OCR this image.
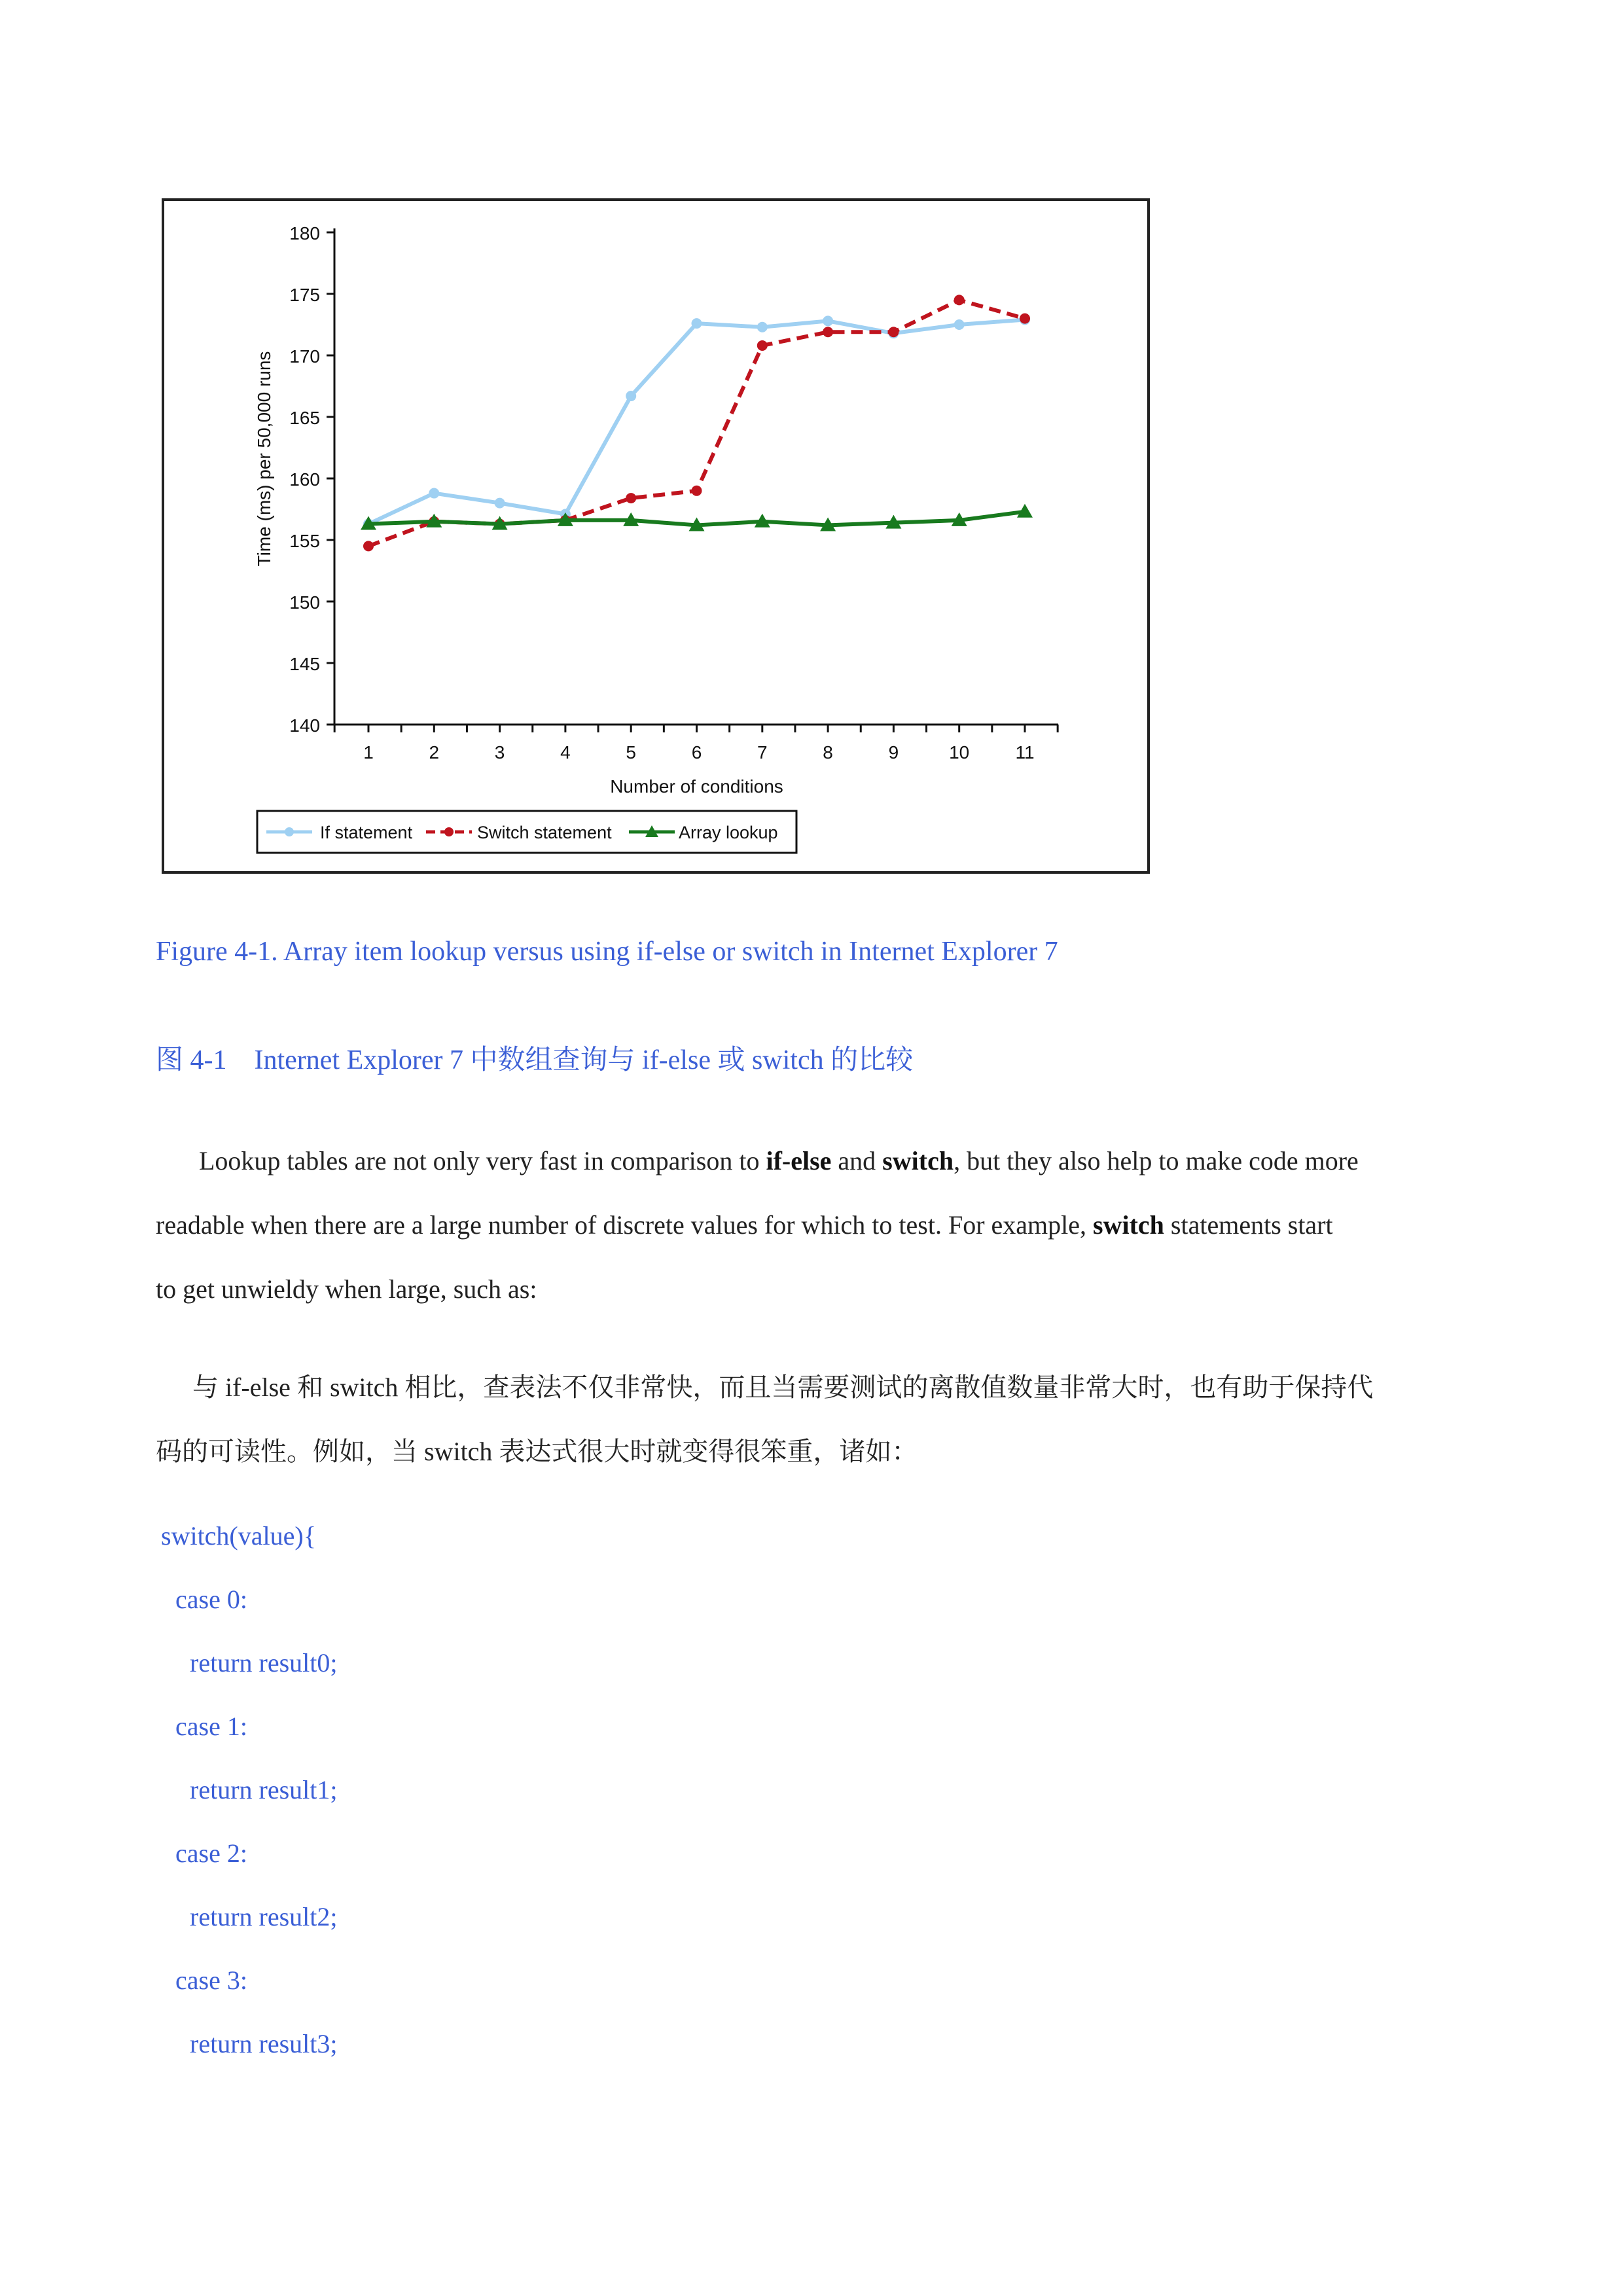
140
145
150
155
160
165
170
175
180
1	2	3	4	5	6	7	8	9	10	11
Number of conditions
Time (ms) per 50,000 runs
If statement	Switch statement	Array lookup
Figure 4-1. Array item lookup versus using if-else or switch in Internet Explorer 7
图 4-1　Internet Explorer 7 中数组查询与 if-else 或 switch 的比较
Lookup tables are not only very fast in comparison to if-else and switch, but they also help to make code more
readable when there are a large number of discrete values for which to test. For example, switch statements start
to get unwieldy when large, such as:
与 if-else 和 switch 相比，查表法不仅非常快，而且当需要测试的离散值数量非常大时，也有助于保持代
码的可读性。例如，当 switch 表达式很大时就变得很笨重，诸如：
switch(value){
case 0:
return result0;
case 1:
return result1;
case 2:
return result2;
case 3:
return result3;
